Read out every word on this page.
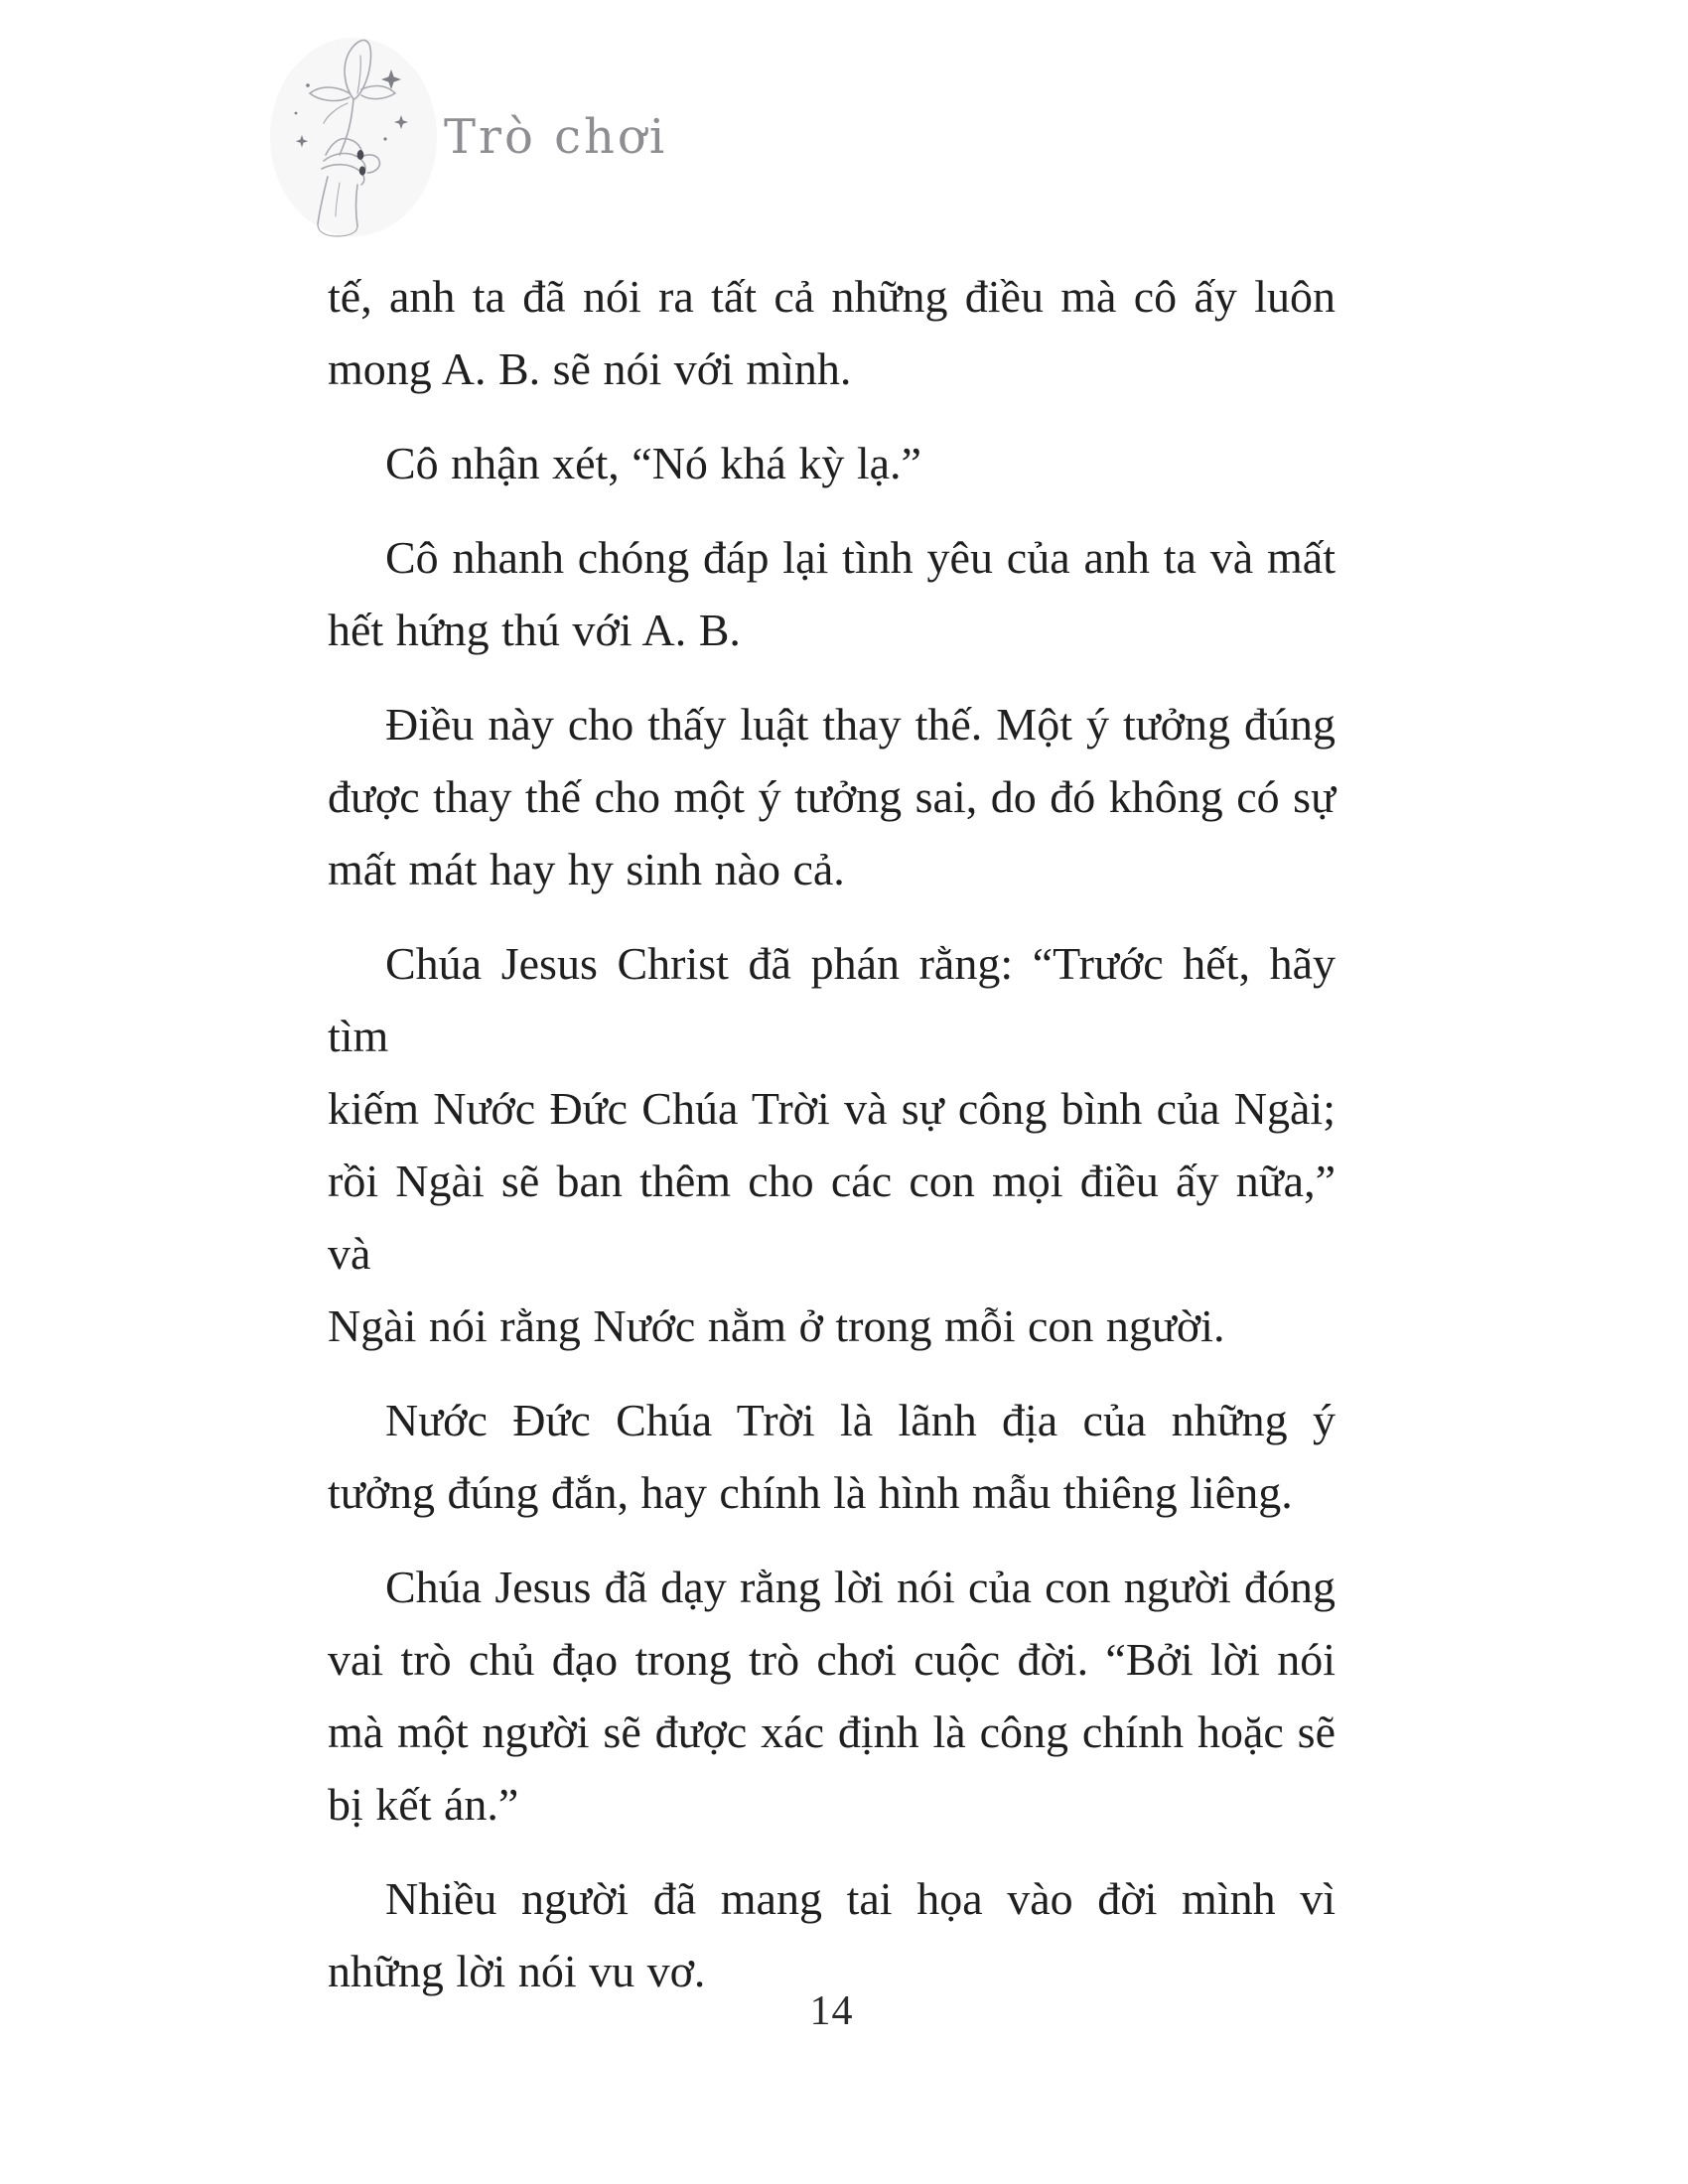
Trò chơi
tế, anh ta đã nói ra tất cả những điều mà cô ấy luôn
mong A. B. sẽ nói với mình.
Cô nhận xét, “Nó khá kỳ lạ.”
Cô nhanh chóng đáp lại tình yêu của anh ta và mất
hết hứng thú với A. B.
Điều này cho thấy luật thay thế. Một ý tưởng đúng
được thay thế cho một ý tưởng sai, do đó không có sự
mất mát hay hy sinh nào cả.
Chúa Jesus Christ đã phán rằng: “Trước hết, hãy tìm
kiếm Nước Đức Chúa Trời và sự công bình của Ngài;
rồi Ngài sẽ ban thêm cho các con mọi điều ấy nữa,” và
Ngài nói rằng Nước nằm ở trong mỗi con người.
Nước Đức Chúa Trời là lãnh địa của những ý
tưởng đúng đắn, hay chính là hình mẫu thiêng liêng.
Chúa Jesus đã dạy rằng lời nói của con người đóng
vai trò chủ đạo trong trò chơi cuộc đời. “Bởi lời nói
mà một người sẽ được xác định là công chính hoặc sẽ
bị kết án.”
Nhiều người đã mang tai họa vào đời mình vì
những lời nói vu vơ.
14
